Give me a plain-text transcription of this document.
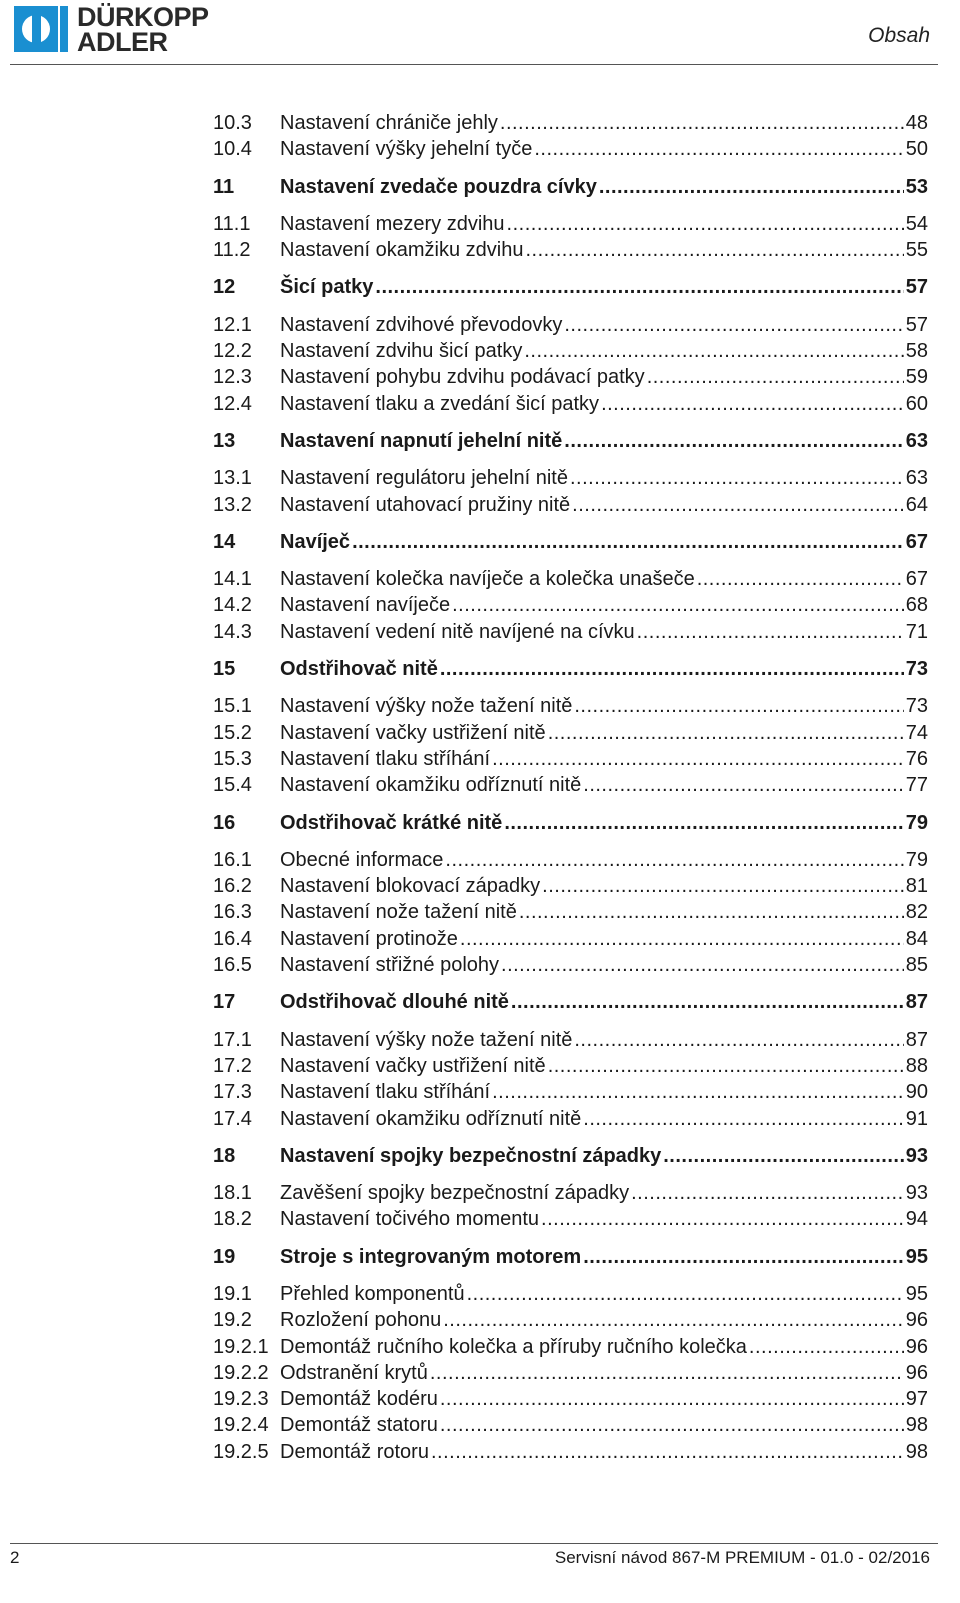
DÜRKOPP
ADLER	Obsah
10.3	Nastavení chrániče jehly .....	48
10.4	Nastavení výšky jehelní tyče .....	50
11	Nastavení zvedače pouzdra cívky .....	53
11.1	Nastavení mezery zdvihu .....	54
11.2	Nastavení okamžiku zdvihu .....	55
12	Šicí patky .....	57
12.1	Nastavení zdvihové převodovky .....	57
12.2	Nastavení zdvihu šicí patky .....	58
12.3	Nastavení pohybu zdvihu podávací patky .....	59
12.4	Nastavení tlaku a zvedání šicí patky .....	60
13	Nastavení napnutí jehelní nitě .....	63
13.1	Nastavení regulátoru jehelní nitě .....	63
13.2	Nastavení utahovací pružiny nitě .....	64
14	Navíječ .....	67
14.1	Nastavení kolečka navíječe a kolečka unašeče .....	67
14.2	Nastavení navíječe .....	68
14.3	Nastavení vedení nitě navíjené na cívku .....	71
15	Odstřihovač nitě .....	73
15.1	Nastavení výšky nože tažení nitě .....	73
15.2	Nastavení vačky ustřižení nitě .....	74
15.3	Nastavení tlaku stříhání .....	76
15.4	Nastavení okamžiku odříznutí nitě .....	77
16	Odstřihovač krátké nitě .....	79
16.1	Obecné informace .....	79
16.2	Nastavení blokovací západky .....	81
16.3	Nastavení nože tažení nitě .....	82
16.4	Nastavení protinože .....	84
16.5	Nastavení střižné polohy .....	85
17	Odstřihovač dlouhé nitě .....	87
17.1	Nastavení výšky nože tažení nitě .....	87
17.2	Nastavení vačky ustřižení nitě .....	88
17.3	Nastavení tlaku stříhání .....	90
17.4	Nastavení okamžiku odříznutí nitě .....	91
18	Nastavení spojky bezpečnostní západky .....	93
18.1	Zavěšení spojky bezpečnostní západky .....	93
18.2	Nastavení točivého momentu .....	94
19	Stroje s integrovaným motorem .....	95
19.1	Přehled komponentů .....	95
19.2	Rozložení pohonu .....	96
19.2.1 Demontáž ručního kolečka a příruby ručního kolečka .....	96
19.2.2 Odstranění krytů .....	96
19.2.3 Demontáž kodéru .....	97
19.2.4 Demontáž statoru .....	98
19.2.5 Demontáž rotoru .....	98
2	Servisní návod 867-M PREMIUM - 01.0 - 02/2016
